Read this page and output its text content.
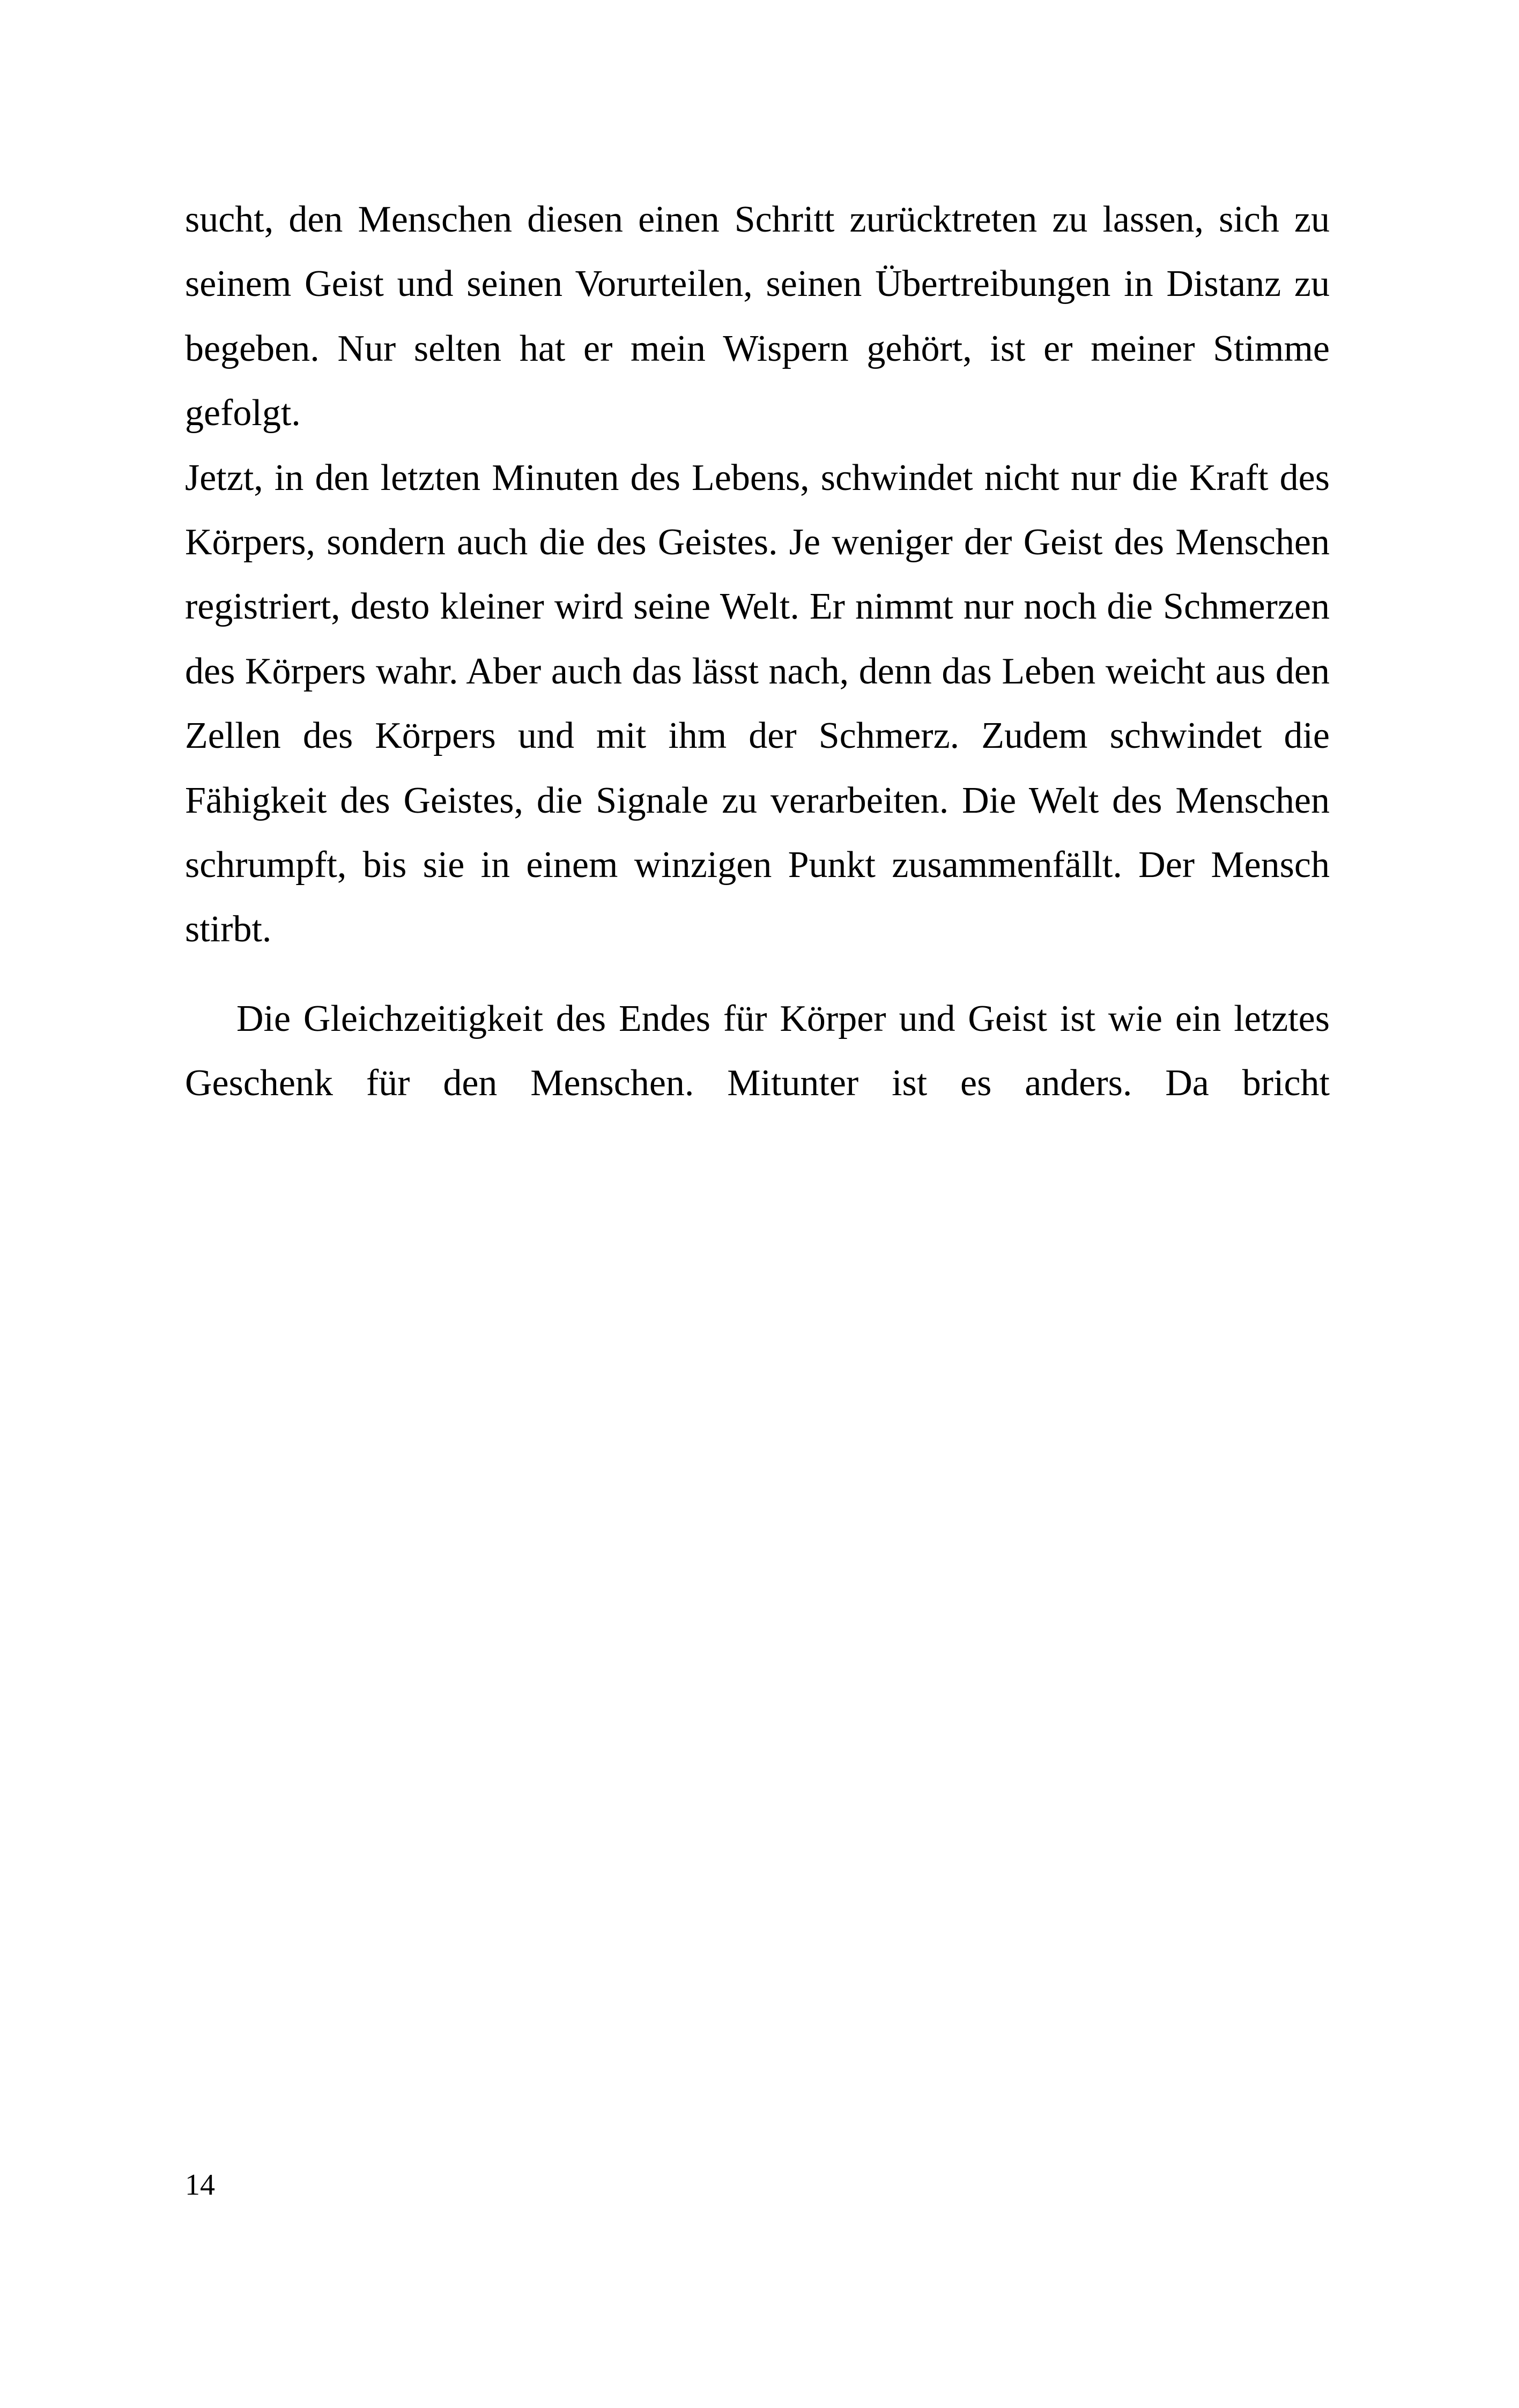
sucht, den Menschen diesen einen Schritt zurücktreten zu lassen, sich zu seinem Geist und seinen Vorurteilen, seinen Übertreibungen in Distanz zu begeben. Nur selten hat er mein Wispern gehört, ist er meiner Stimme gefolgt.

Jetzt, in den letzten Minuten des Lebens, schwindet nicht nur die Kraft des Körpers, sondern auch die des Geistes. Je weniger der Geist des Menschen registriert, desto kleiner wird seine Welt. Er nimmt nur noch die Schmerzen des Körpers wahr. Aber auch das lässt nach, denn das Leben weicht aus den Zellen des Körpers und mit ihm der Schmerz. Zudem schwindet die Fähigkeit des Geistes, die Signale zu verarbeiten. Die Welt des Menschen schrumpft, bis sie in einem winzigen Punkt zusammenfällt. Der Mensch stirbt.

Die Gleichzeitigkeit des Endes für Körper und Geist ist wie ein letztes Geschenk für den Menschen. Mitunter ist es anders. Da bricht

14
